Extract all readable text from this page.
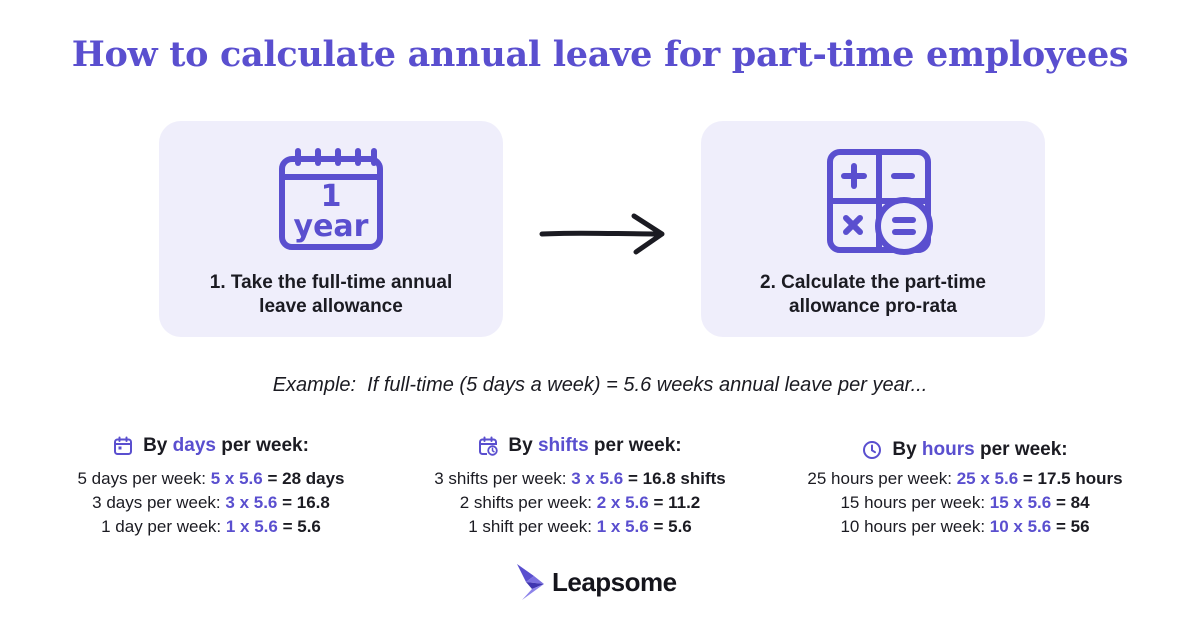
How to calculate annual leave for part-time employees
1
year
1. Take the full-time annual
leave allowance
2. Calculate the part-time
allowance pro-rata
Example:  If full-time (5 days a week) = 5.6 weeks annual leave per year...
By days per week:
5 days per week: 5 x 5.6 = 28 days
3 days per week: 3 x 5.6 = 16.8
1 day per week: 1 x 5.6 = 5.6
By shifts per week:
3 shifts per week: 3 x 5.6 = 16.8 shifts
2 shifts per week: 2 x 5.6 = 11.2
1 shift per week: 1 x 5.6 = 5.6
By hours per week:
25 hours per week: 25 x 5.6 = 17.5 hours
15 hours per week: 15 x 5.6 = 84
10 hours per week: 10 x 5.6 = 56
Leapsome
